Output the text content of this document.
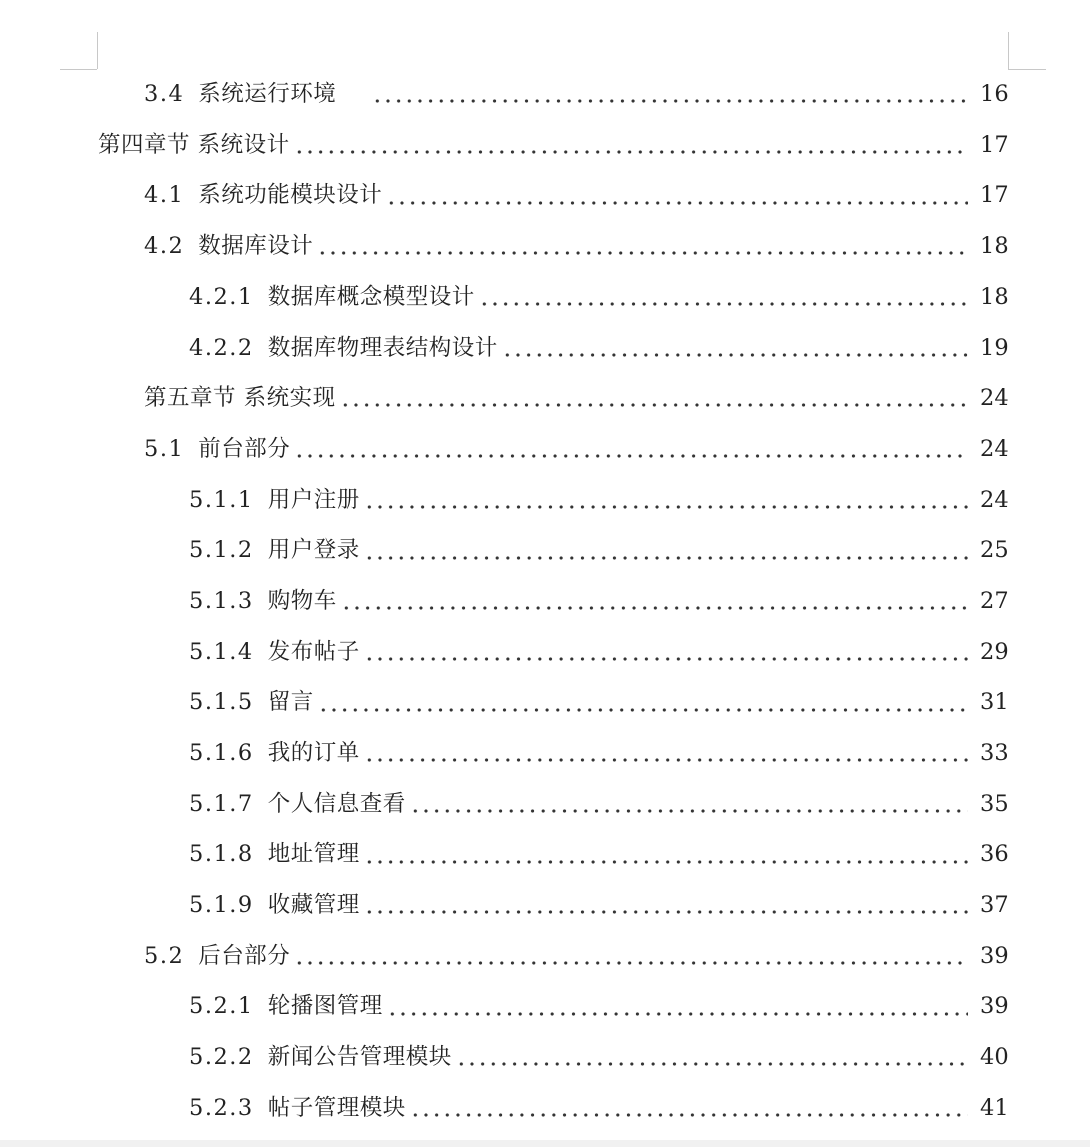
3.4 系统运行环境	16
第四章节 系统设计	17
4.1 系统功能模块设计	17
4.2 数据库设计	18
4.2.1 数据库概念模型设计	18
4.2.2 数据库物理表结构设计	19
第五章节 系统实现	24
5.1 前台部分	24
5.1.1 用户注册	24
5.1.2 用户登录	25
5.1.3 购物车	27
5.1.4 发布帖子	29
5.1.5 留言	31
5.1.6 我的订单	33
5.1.7 个人信息查看	35
5.1.8 地址管理	36
5.1.9 收藏管理	37
5.2 后台部分	39
5.2.1 轮播图管理	39
5.2.2 新闻公告管理模块	40
5.2.3 帖子管理模块	41
